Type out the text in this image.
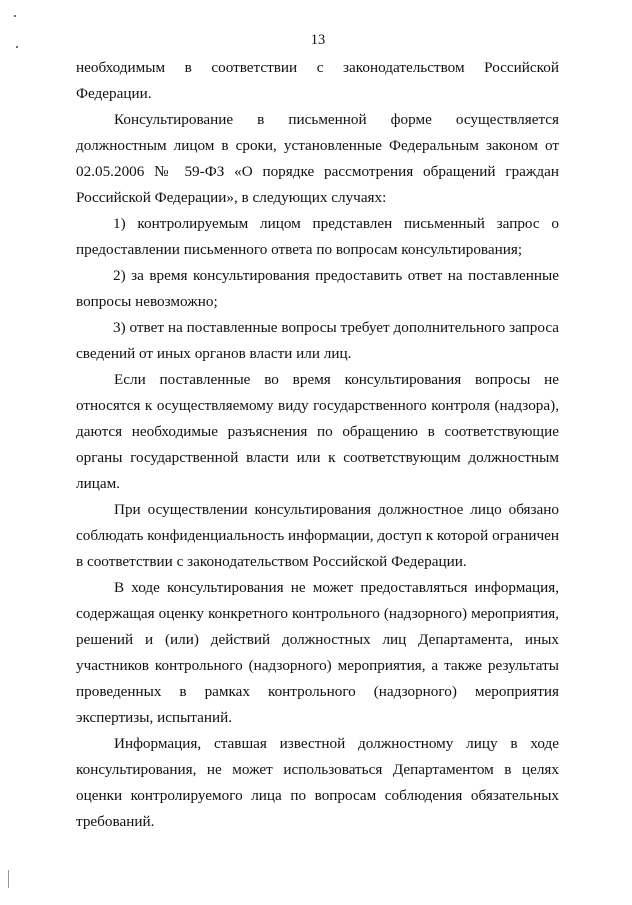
13

необходимым в соответствии с законодательством Российской Федерации.

Консультирование в письменной форме осуществляется должностным лицом в сроки, установленные Федеральным законом от 02.05.2006 № 59-ФЗ «О порядке рассмотрения обращений граждан Российской Федерации», в следующих случаях:

1) контролируемым лицом представлен письменный запрос о предоставлении письменного ответа по вопросам консультирования;

2) за время консультирования предоставить ответ на поставленные вопросы невозможно;

3) ответ на поставленные вопросы требует дополнительного запроса сведений от иных органов власти или лиц.

Если поставленные во время консультирования вопросы не относятся к осуществляемому виду государственного контроля (надзора), даются необходимые разъяснения по обращению в соответствующие органы государственной власти или к соответствующим должностным лицам.

При осуществлении консультирования должностное лицо обязано соблюдать конфиденциальность информации, доступ к которой ограничен в соответствии с законодательством Российской Федерации.

В ходе консультирования не может предоставляться информация, содержащая оценку конкретного контрольного (надзорного) мероприятия, решений и (или) действий должностных лиц Департамента, иных участников контрольного (надзорного) мероприятия, а также результаты проведенных в рамках контрольного (надзорного) мероприятия экспертизы, испытаний.

Информация, ставшая известной должностному лицу в ходе консультирования, не может использоваться Департаментом в целях оценки контролируемого лица по вопросам соблюдения обязательных требований.
